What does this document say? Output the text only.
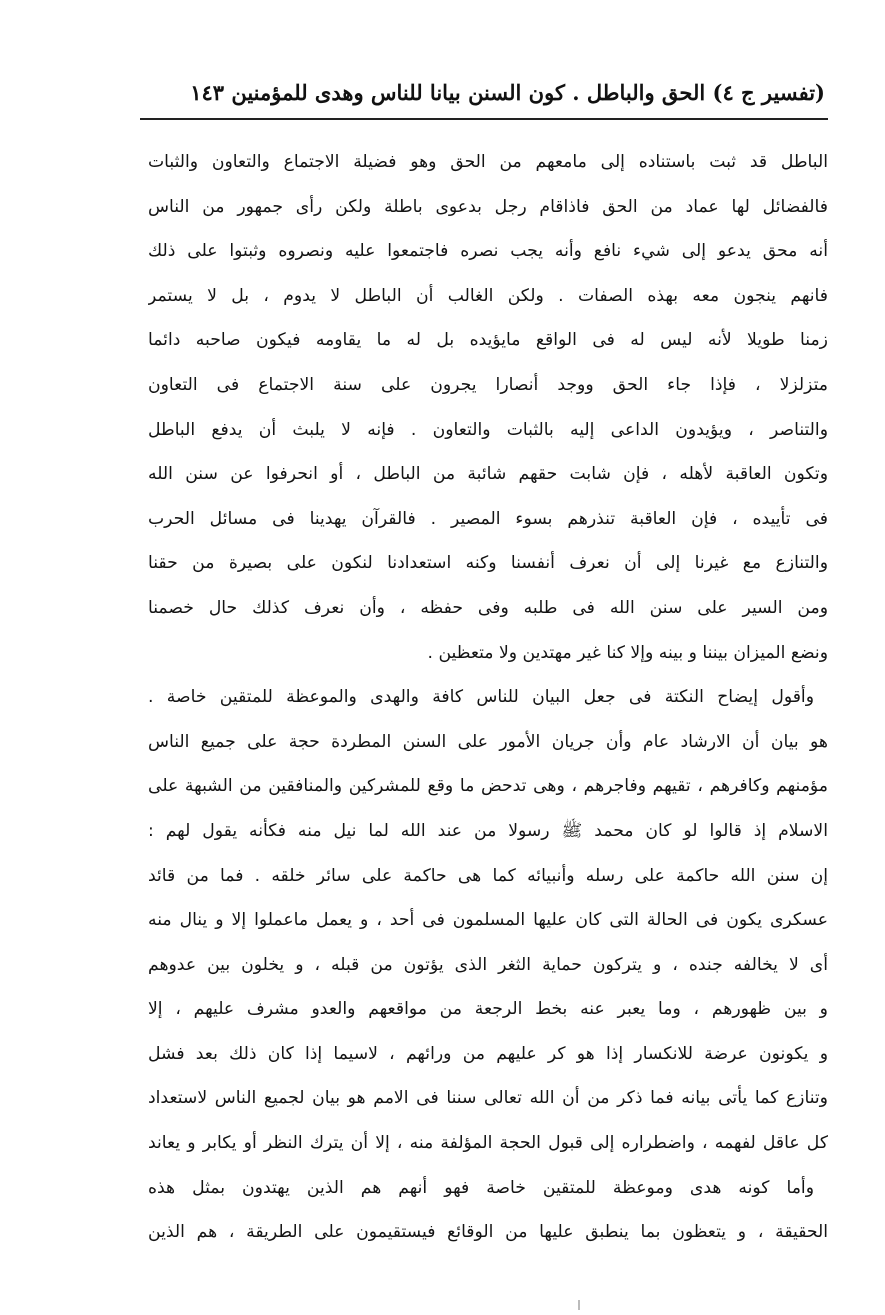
(تفسير ج ٤) الحق والباطل . كون السنن بيانا للناس وهدى للمؤمنين ١٤٣
الباطل قد ثبت باستناده إلى مامعهم من الحق وهو فضيلة الاجتماع والتعاون والثبات
فالفضائل لها عماد من الحق فاذاقام رجل بدعوى باطلة ولكن رأى جمهور من الناس
أنه محق يدعو إلى شيء نافع وأنه يجب نصره فاجتمعوا عليه ونصروه وثبتوا على ذلك
فانهم ينجون معه بهذه الصفات . ولكن الغالب أن الباطل لا يدوم ، بل لا يستمر
زمنا طويلا لأنه ليس له فى الواقع مايؤيده بل له ما يقاومه فيكون صاحبه دائما
متزلزلا ، فإذا جاء الحق ووجد أنصارا يجرون على سنة الاجتماع فى التعاون
والتناصر ، ويؤيدون الداعى إليه بالثبات والتعاون . فإنه لا يلبث أن يدفع الباطل
وتكون العاقبة لأهله ، فإن شابت حقهم شائبة من الباطل ، أو انحرفوا عن سنن الله
فى تأييده ، فإن العاقبة تنذرهم بسوء المصير . فالقرآن يهدينا فى مسائل الحرب
والتنازع مع غيرنا إلى أن نعرف أنفسنا وكنه استعدادنا لنكون على بصيرة من حقنا
ومن السير على سنن الله فى طلبه وفى حفظه ، وأن نعرف كذلك حال خصمنا
ونضع الميزان بيننا و بينه وإلا كنا غير مهتدين ولا متعظين .
وأقول إيضاح النكتة فى جعل البيان للناس كافة والهدى والموعظة للمتقين خاصة .
هو بيان أن الارشاد عام وأن جريان الأمور على السنن المطردة حجة على جميع الناس
مؤمنهم وكافرهم ، تقيهم وفاجرهم ، وهى تدحض ما وقع للمشركين والمنافقين من الشبهة على
الاسلام إذ قالوا لو كان محمد ﷺ رسولا من عند الله لما نيل منه فكأنه يقول لهم :
إن سنن الله حاكمة على رسله وأنبيائه كما هى حاكمة على سائر خلقه . فما من قائد
عسكرى يكون فى الحالة التى كان عليها المسلمون فى أحد ، و يعمل ماعملوا إلا و ينال منه
أى لا يخالفه جنده ، و يتركون حماية الثغر الذى يؤتون من قبله ، و يخلون بين عدوهم
و بين ظهورهم ، وما يعبر عنه بخط الرجعة من مواقعهم والعدو مشرف عليهم ، إلا
و يكونون عرضة للانكسار إذا هو كر عليهم من ورائهم ، لاسيما إذا كان ذلك بعد فشل
وتنازع كما يأتى بيانه فما ذكر من أن الله تعالى سننا فى الامم هو بيان لجميع الناس لاستعداد
كل عاقل لفهمه ، واضطراره إلى قبول الحجة المؤلفة منه ، إلا أن يترك النظر أو يكابر و يعاند
وأما كونه هدى وموعظة للمتقين خاصة فهو أنهم هم الذين يهتدون بمثل هذه
الحقيقة ، و يتعظون بما ينطبق عليها من الوقائع فيستقيمون على الطريقة ، هم الذين
